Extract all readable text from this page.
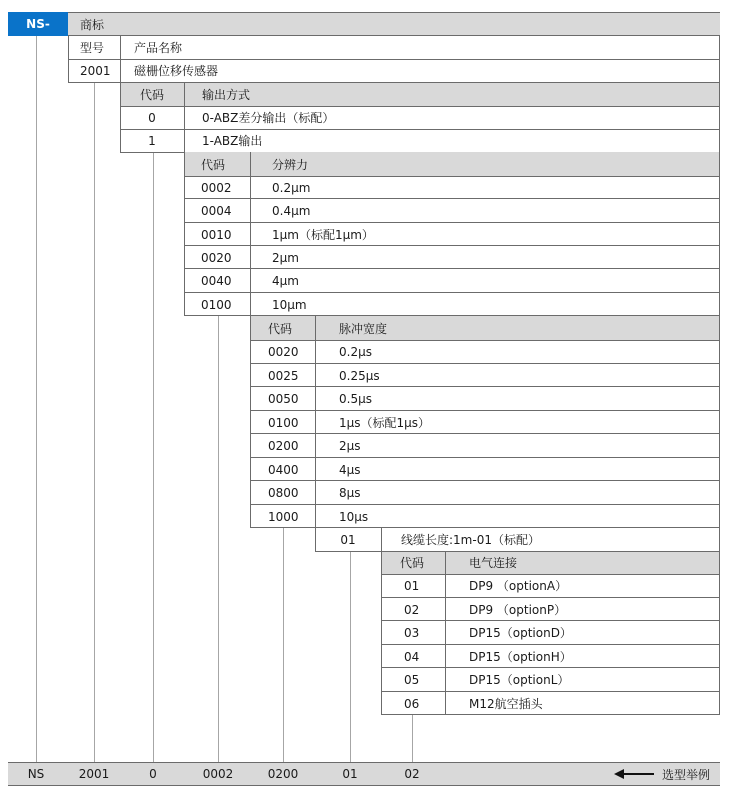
NS-	商标
型号 产品名称
2001 磁栅位移传感器
代码	输出方式
0	0-ABZ差分输出（标配）
1	1-ABZ输出
代码	分辨力
0002	0.2μm
0004	0.4μm
0010	1μm（标配1μm）
0020	2μm
0040	4μm
0100	10μm
代码	脉冲宽度
0020	0.2μs
0025	0.25μs
0050	0.5μs
0100	1μs（标配1μs）
0200	2μs
0400	4μs
0800	8μs
1000	10μs
01	线缆长度:1m-01（标配）
代码	电气连接
01	DP9 （optionA）
02	DP9 （optionP）
03	DP15（optionD）
04	DP15（optionH）
05	DP15（optionL）
06	M12航空插头
NS	2001	0	0002	0200	01	02	选型举例
